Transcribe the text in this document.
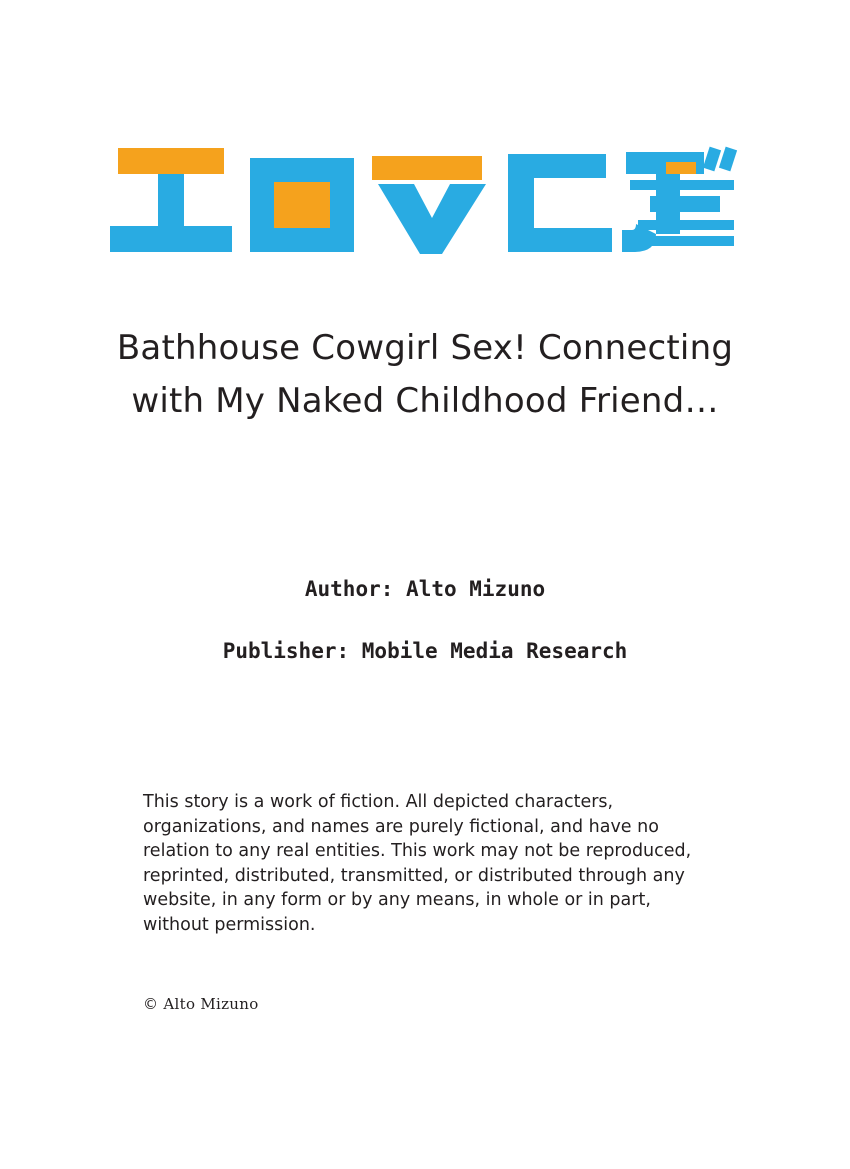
Bathhouse Cowgirl Sex! Connecting with My Naked Childhood Friend…
Author: Alto Mizuno
Publisher: Mobile Media Research
This story is a work of fiction. All depicted characters, organizations, and names are purely fictional, and have no relation to any real entities. This work may not be reproduced, reprinted, distributed, transmitted, or distributed through any website, in any form or by any means, in whole or in part, without permission.
© Alto Mizuno
